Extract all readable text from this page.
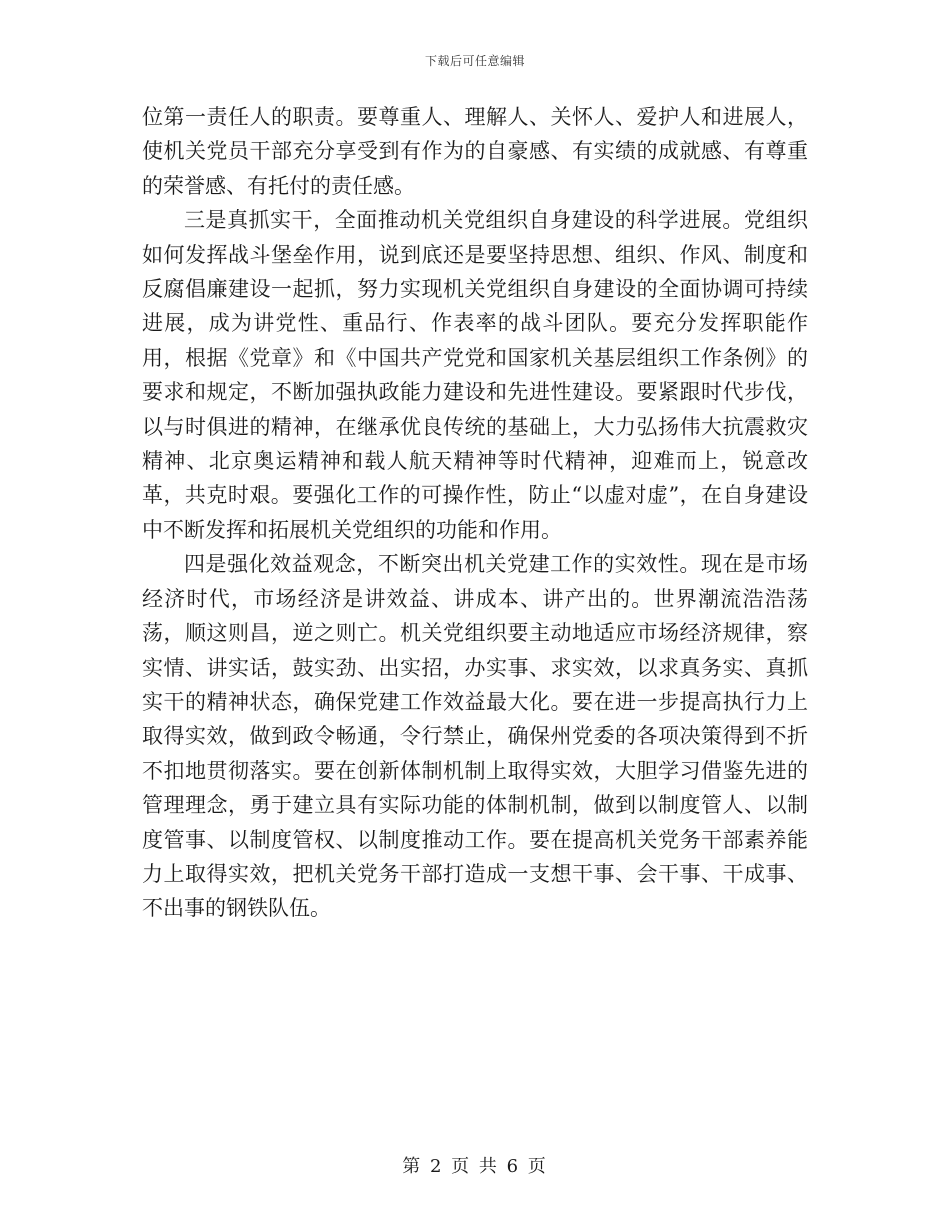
下载后可任意编辑

位第一责任人的职责。要尊重人、理解人、关怀人、爱护人和进展人，使机关党员干部充分享受到有作为的自豪感、有实绩的成就感、有尊重的荣誉感、有托付的责任感。

三是真抓实干，全面推动机关党组织自身建设的科学进展。党组织如何发挥战斗堡垒作用，说到底还是要坚持思想、组织、作风、制度和反腐倡廉建设一起抓，努力实现机关党组织自身建设的全面协调可持续进展，成为讲党性、重品行、作表率的战斗团队。要充分发挥职能作用，根据《党章》和《中国共产党党和国家机关基层组织工作条例》的要求和规定，不断加强执政能力建设和先进性建设。要紧跟时代步伐，以与时俱进的精神，在继承优良传统的基础上，大力弘扬伟大抗震救灾精神、北京奥运精神和载人航天精神等时代精神，迎难而上，锐意改革，共克时艰。要强化工作的可操作性，防止“以虚对虚”，在自身建设中不断发挥和拓展机关党组织的功能和作用。

四是强化效益观念，不断突出机关党建工作的实效性。现在是市场经济时代，市场经济是讲效益、讲成本、讲产出的。世界潮流浩浩荡荡，顺这则昌，逆之则亡。机关党组织要主动地适应市场经济规律，察实情、讲实话，鼓实劲、出实招，办实事、求实效，以求真务实、真抓实干的精神状态，确保党建工作效益最大化。要在进一步提高执行力上取得实效，做到政令畅通，令行禁止，确保州党委的各项决策得到不折不扣地贯彻落实。要在创新体制机制上取得实效，大胆学习借鉴先进的管理理念，勇于建立具有实际功能的体制机制，做到以制度管人、以制度管事、以制度管权、以制度推动工作。要在提高机关党务干部素养能力上取得实效，把机关党务干部打造成一支想干事、会干事、干成事、不出事的钢铁队伍。

第 2 页 共 6 页
